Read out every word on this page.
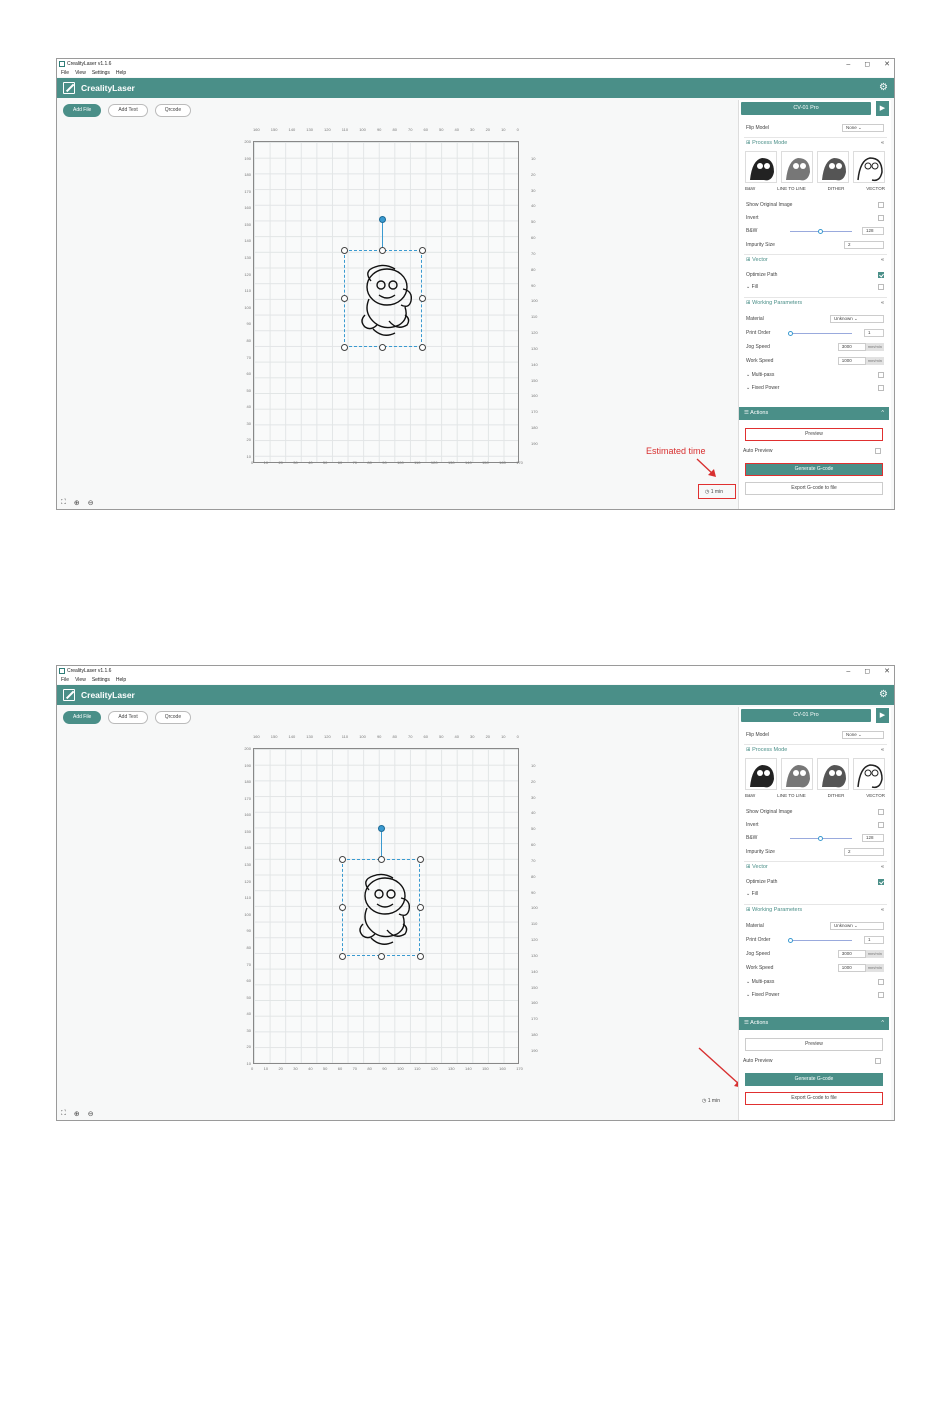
CrealityLaser v1.1.6	– ◻ ✕
File View Settings Help
CrealityLaser	⚙
Add File	Add Text	Qrcode
160	150	140	130	120	110	100	90	80	70	60	50	40	30	20	10	0
200
190
180
170
160
150
140
130
120
110
100
90
80
70
60
50
40
30
20
10
10
20
30
40
50
60
70
80
90
100
110
120
130
140
150
160
170
180
190
0	10	20	30	40	50	60	70	80	90	100	110	120	130	140	150	160	170
Estimated time
◷ 1 min
⛶ ⊕ ⊖
CV-01 Pro	▶
Flip Model	None ⌄
⊞ Process Mode	«
B&W	LINE TO LINE	DITHER	VECTOR
Show Original Image
Invert
B&W	128
Impurity Size	2
⊞ Vector	«
Optimize Path
⌄ Fill
⊞ Working Parameters	«
Material	Unknown ⌄
Print Order	1
Jog Speed	3000	mm/min
Work Speed	1000	mm/min
⌄ Multi-pass
⌄ Fixed Power
☰ Actions	^
Preview
Auto Preview
Generate G-code
Export G-code to file
CrealityLaser v1.1.6	– ◻ ✕
File View Settings Help
CrealityLaser	⚙
Add File	Add Text	Qrcode
160	150	140	130	120	110	100	90	80	70	60	50	40	30	20	10	0
200
190
180
170
160
150
140
130
120
110
100
90
80
70
60
50
40
30
20
10
10
20
30
40
50
60
70
80
90
100
110
120
130
140
150
160
170
180
190
0	10	20	30	40	50	60	70	80	90	100	110	120	130	140	150	160	170
◷ 1 min
⛶ ⊕ ⊖
CV-01 Pro	▶
Flip Model	None ⌄
⊞ Process Mode	«
B&W	LINE TO LINE	DITHER	VECTOR
Show Original Image
Invert
B&W	128
Impurity Size	2
⊞ Vector	«
Optimize Path
⌄ Fill
⊞ Working Parameters	«
Material	Unknown ⌄
Print Order	1
Jog Speed	3000	mm/min
Work Speed	1000	mm/min
⌄ Multi-pass
⌄ Fixed Power
☰ Actions	^
Preview
Auto Preview
Generate G-code
Export G-code to file
